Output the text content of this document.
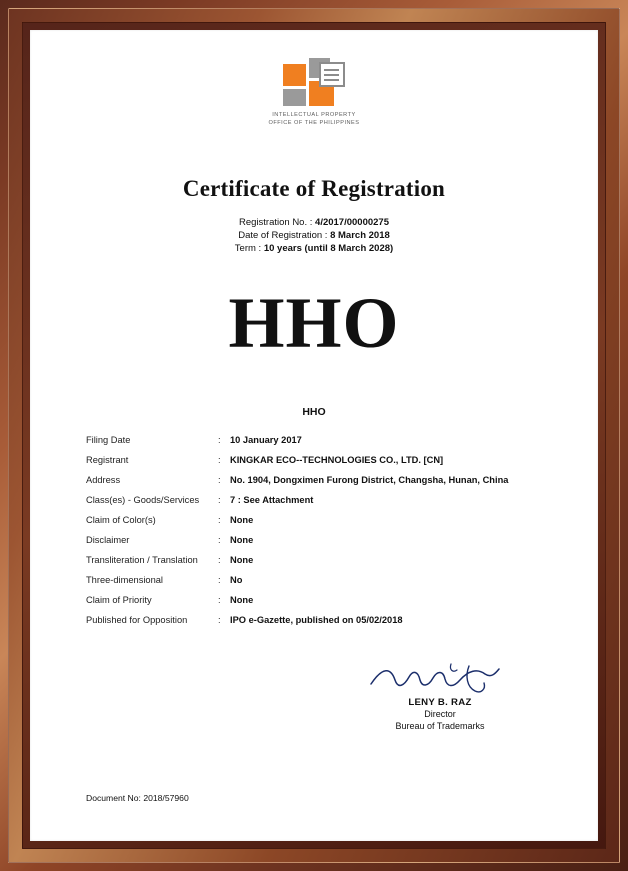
INTELLECTUAL PROPERTY
OFFICE OF THE PHILIPPINES
Certificate of Registration
Registration No. : 4/2017/00000275
Date of Registration : 8 March 2018
Term : 10 years (until 8 March 2028)
HHO
HHO
Filing Date	:	10 January 2017
Registrant	:	KINGKAR ECO--TECHNOLOGIES CO., LTD. [CN]
Address	:	No. 1904, Dongximen Furong District, Changsha, Hunan, China
Class(es) - Goods/Services	:	7 : See Attachment
Claim of Color(s)	:	None
Disclaimer	:	None
Transliteration / Translation	:	None
Three-dimensional	:	No
Claim of Priority	:	None
Published for Opposition	:	IPO e-Gazette, published on 05/02/2018
LENY B. RAZ
Director
Bureau of Trademarks
Document No: 2018/57960
